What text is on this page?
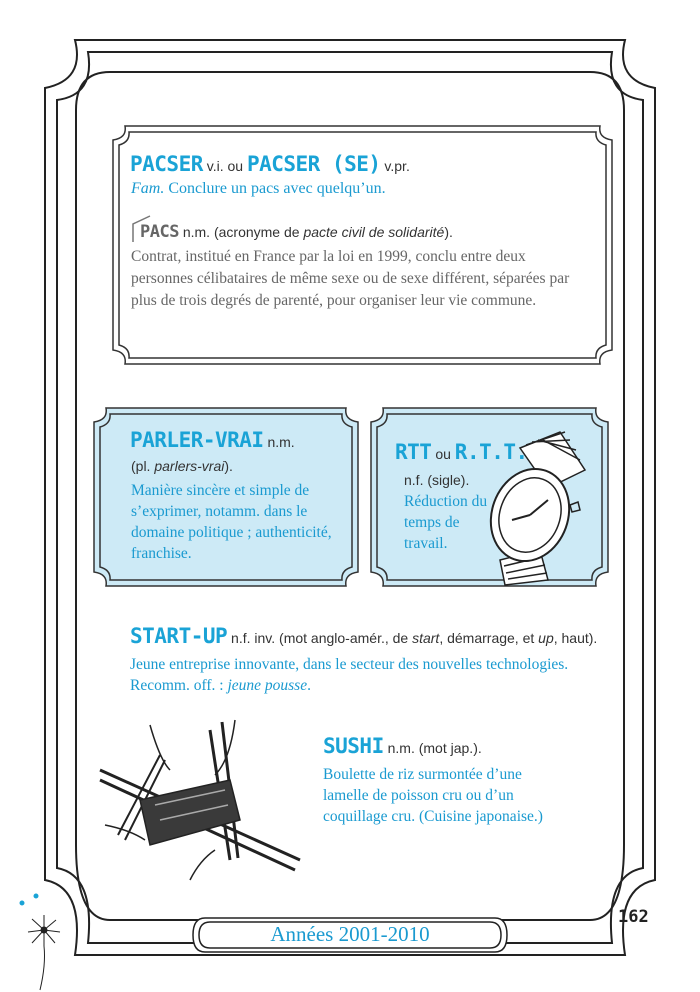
PACSER v.i. ou PACSER (SE) v.pr.
Fam. Conclure un pacs avec quelqu’un.
PACS n.m. (acronyme de pacte civil de solidarité).
Contrat, institué en France par la loi en 1999, conclu entre deux personnes célibataires de même sexe ou de sexe différent, séparées par plus de trois degrés de parenté, pour organiser leur vie commune.
PARLER-VRAI n.m.
(pl. parlers-vrai).
Manière sincère et simple de s’exprimer, notamm. dans le domaine politique ; authenticité, franchise.
RTT ou R.T.T.
n.f. (sigle).
Réduction du temps de travail.
START-UP n.f. inv. (mot anglo-amér., de start, démarrage, et up, haut).
Jeune entreprise innovante, dans le secteur des nouvelles technologies. Recomm. off. : jeune pousse.
SUSHI n.m. (mot jap.).
Boulette de riz surmontée d’une lamelle de poisson cru ou d’un coquillage cru. (Cuisine japonaise.)
Années 2001-2010
162
